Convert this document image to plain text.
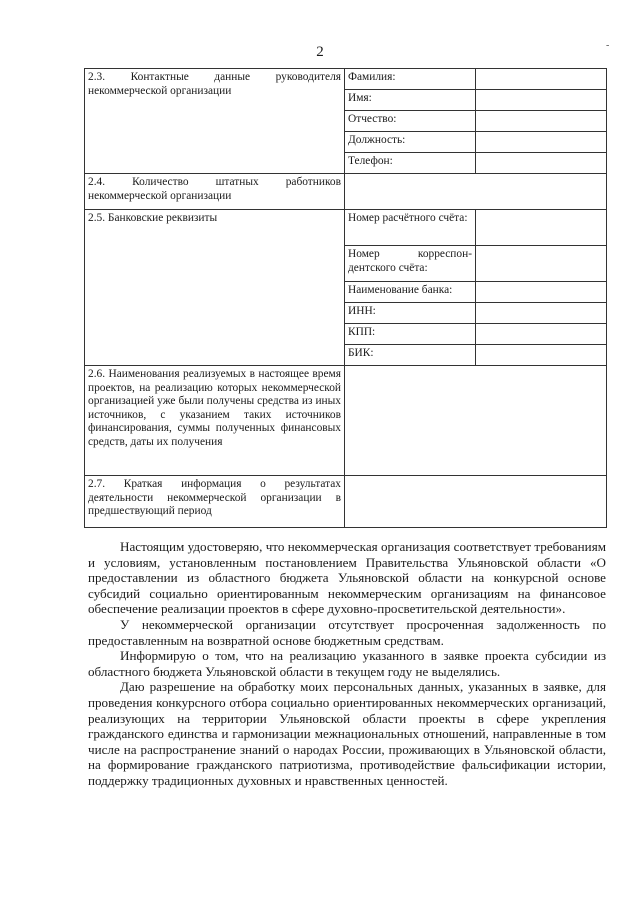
2	-
2.3. Контактные данные руководителя некоммерческой организации	Фамилия:	
	Имя:	
	Отчество:	
	Должность:	
	Телефон:	
2.4. Количество штатных работников некоммерческой организации		
2.5. Банковские реквизиты	Номер расчётного счёта:	
	Номер корреспондентского счёта:	
	Наименование банка:	
	ИНН:	
	КПП:	
	БИК:	
2.6. Наименования реализуемых в настоящее время проектов, на реализацию которых некоммерческой организацией уже были получены средства из иных источников, с указанием таких источников финансирования, суммы полученных финансовых средств, даты их получения		
2.7. Краткая информация о результатах деятельности некоммерческой организации в предшествующий период		

Настоящим удостоверяю, что некоммерческая организация соответствует требованиям и условиям, установленным постановлением Правительства Ульяновской области «О предоставлении из областного бюджета Ульяновской области на конкурсной основе субсидий социально ориентированным некоммерческим организациям на финансовое обеспечение реализации проектов в сфере духовно-просветительской деятельности».

У некоммерческой организации отсутствует просроченная задолженность по предоставленным на возвратной основе бюджетным средствам.

Информирую о том, что на реализацию указанного в заявке проекта субсидии из областного бюджета Ульяновской области в текущем году не выделялись.

Даю разрешение на обработку моих персональных данных, указанных в заявке, для проведения конкурсного отбора социально ориентированных некоммерческих организаций, реализующих на территории Ульяновской области проекты в сфере укрепления гражданского единства и гармонизации межнациональных отношений, направленные в том числе на распространение знаний о народах России, проживающих в Ульяновской области, на формирование гражданского патриотизма, противодействие фальсификации истории, поддержку традиционных духовных и нравственных ценностей.
